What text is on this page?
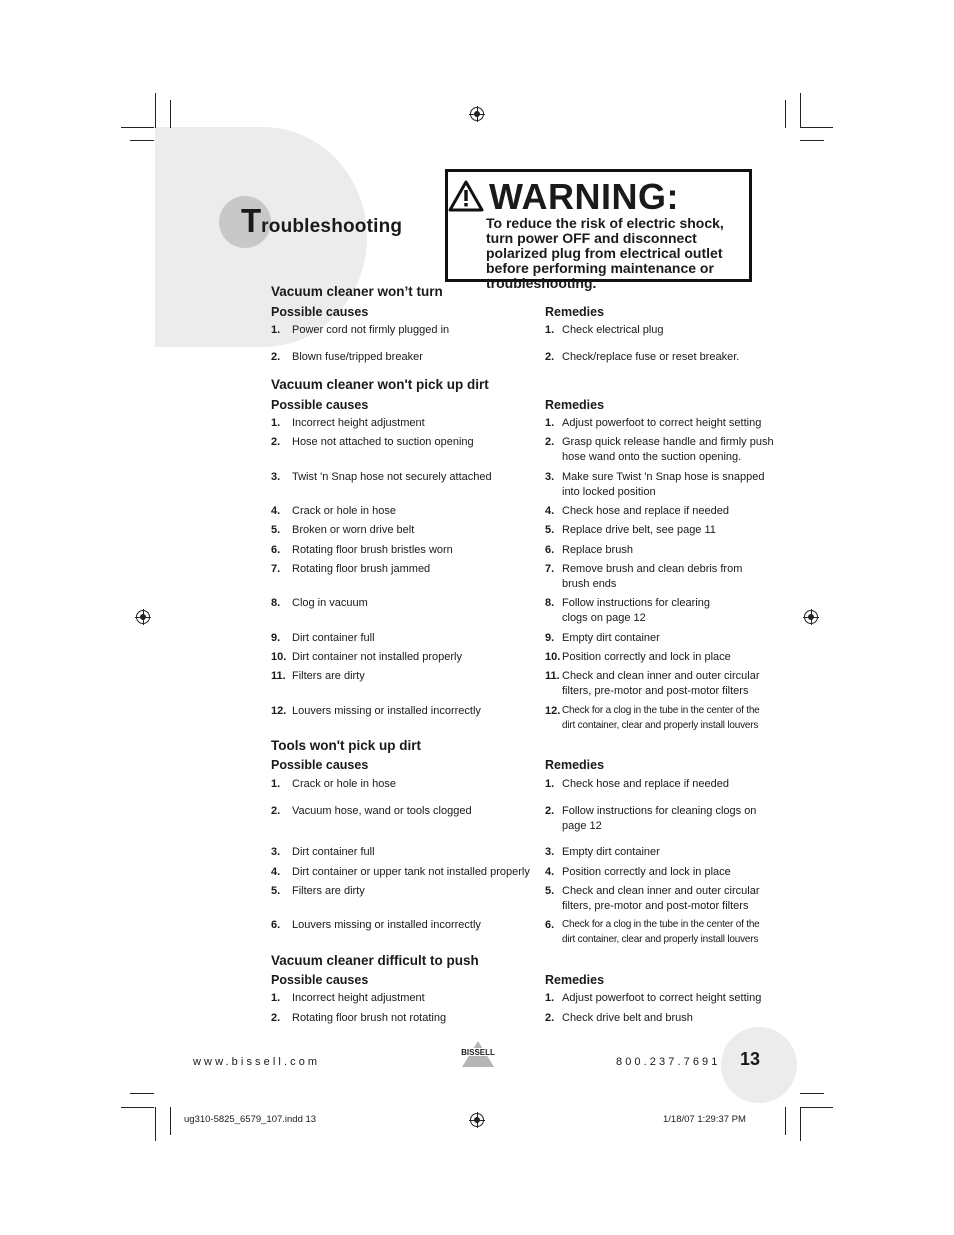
Troubleshooting
WARNING:
To reduce the risk of electric shock, turn power OFF and disconnect polarized plug from electrical outlet before performing maintenance or troubleshooting.
Vacuum cleaner won’t turn
Possible causes	Remedies
1. Power cord not firmly plugged in	1. Check electrical plug
2. Blown fuse/tripped breaker	2. Check/replace fuse or reset breaker.
Vacuum cleaner won't pick up dirt
Possible causes	Remedies
1. Incorrect height adjustment	1. Adjust powerfoot to correct height setting
2. Hose not attached to suction opening	2. Grasp quick release handle and firmly push
hose wand onto the suction opening.
3. Twist 'n Snap hose not securely attached	3. Make sure Twist 'n Snap hose is snapped
into locked position
4. Crack or hole in hose	4. Check hose and replace if needed
5. Broken or worn drive belt	5. Replace drive belt, see page 11
6. Rotating floor brush bristles worn	6. Replace brush
7. Rotating floor brush jammed	7. Remove brush and clean debris from
brush ends
8. Clog in vacuum	8. Follow instructions for clearing
clogs on page 12
9. Dirt container full	9. Empty dirt container
10. Dirt container not installed properly	10. Position correctly and lock in place
11. Filters are dirty	11. Check and clean inner and outer circular
filters, pre-motor and post-motor filters
12. Louvers missing or installed incorrectly	12. Check for a clog in the tube in the center of the
dirt container, clear and properly install louvers
Tools won't pick up dirt
Possible causes	Remedies
1. Crack or hole in hose	1. Check hose and replace if needed
2. Vacuum hose, wand or tools clogged	2. Follow instructions for cleaning clogs on
page 12
3. Dirt container full	3. Empty dirt container
4. Dirt container or upper tank not installed properly 4. Position correctly and lock in place
5. Filters are dirty	5. Check and clean inner and outer circular
filters, pre-motor and post-motor filters
6. Louvers missing or installed incorrectly	6. Check for a clog in the tube in the center of the
dirt container, clear and properly install louvers
Vacuum cleaner difficult to push
Possible causes	Remedies
1. Incorrect height adjustment	1. Adjust powerfoot to correct height setting
2. Rotating floor brush not rotating	2. Check drive belt and brush
www.bissell.com
BISSELL
800.237.7691 13
ug310-5825_6579_107.indd 13	1/18/07 1:29:37 PM
